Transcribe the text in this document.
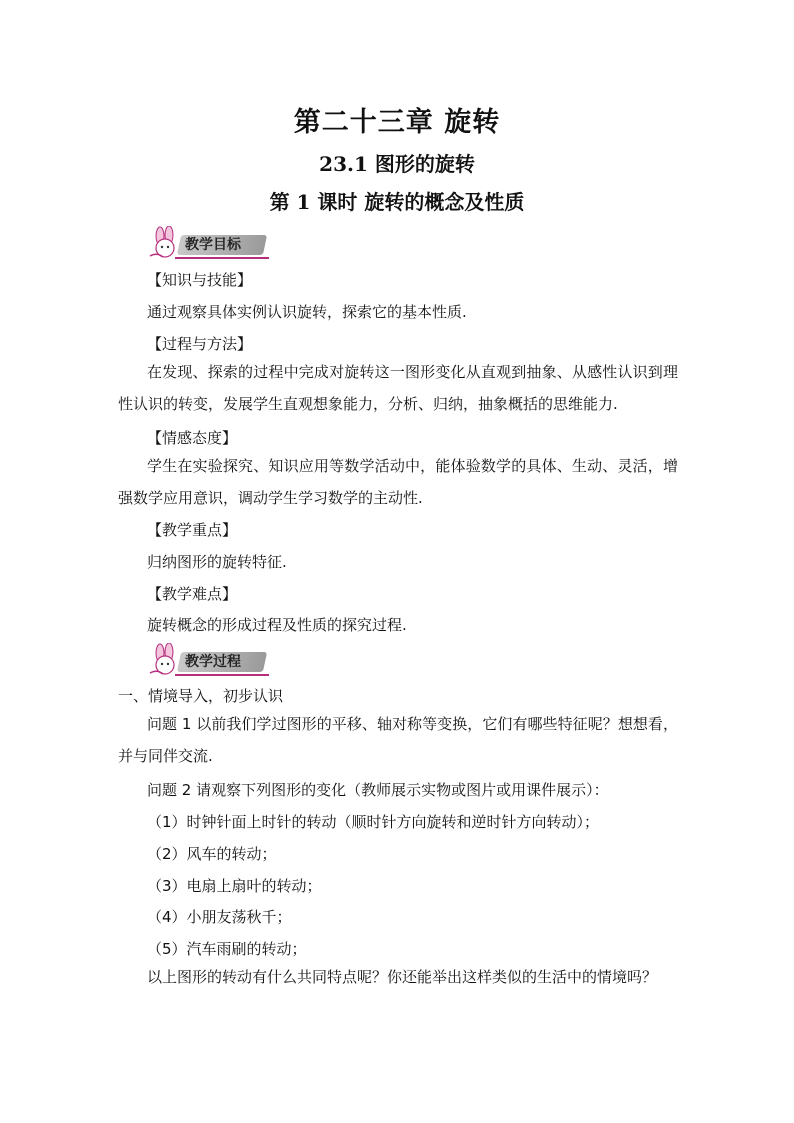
第二十三章 旋转
23.1 图形的旋转
第 1 课时 旋转的概念及性质
教学目标
【知识与技能】
通过观察具体实例认识旋转，探索它的基本性质.
【过程与方法】
在发现、探索的过程中完成对旋转这一图形变化从直观到抽象、从感性认识到理性认识的转变，发展学生直观想象能力，分析、归纳，抽象概括的思维能力.
【情感态度】
学生在实验探究、知识应用等数学活动中，能体验数学的具体、生动、灵活，增强数学应用意识，调动学生学习数学的主动性.
【教学重点】
归纳图形的旋转特征.
【教学难点】
旋转概念的形成过程及性质的探究过程.
教学过程
一、情境导入，初步认识
问题 1 以前我们学过图形的平移、轴对称等变换，它们有哪些特征呢？想想看，并与同伴交流.
问题 2 请观察下列图形的变化（教师展示实物或图片或用课件展示）：
（1）时钟针面上时针的转动（顺时针方向旋转和逆时针方向转动）；
（2）风车的转动；
（3）电扇上扇叶的转动；
（4）小朋友荡秋千；
（5）汽车雨刷的转动；
以上图形的转动有什么共同特点呢？你还能举出这样类似的生活中的情境吗？
